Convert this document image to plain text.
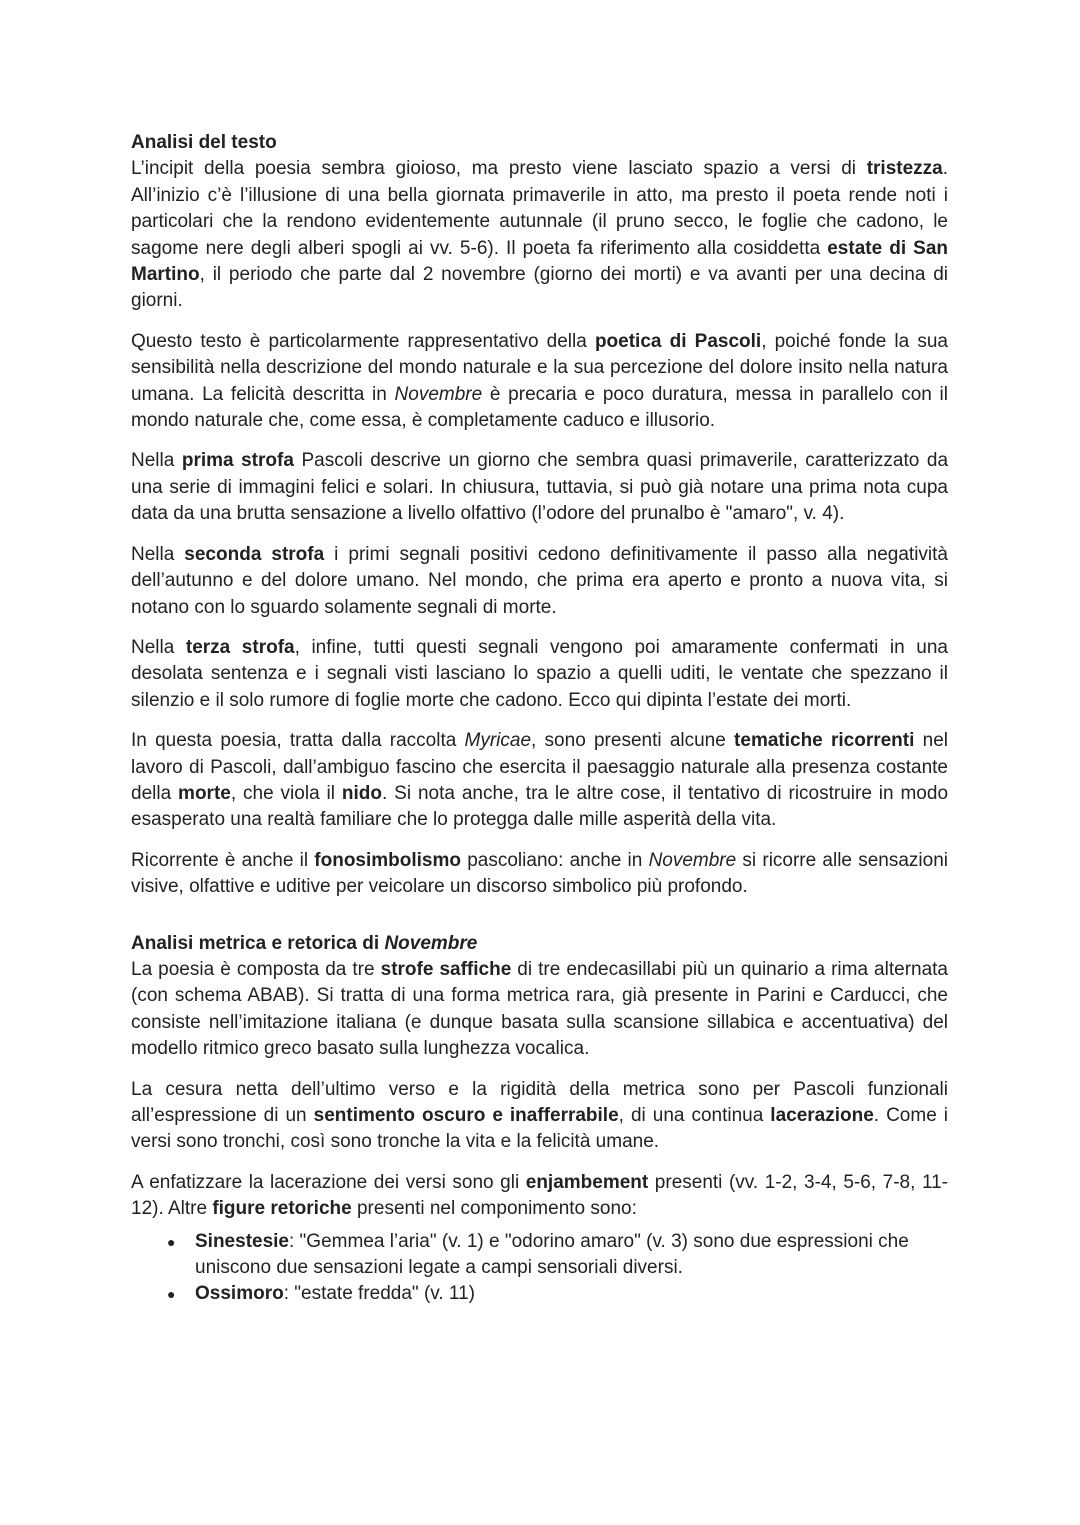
Analisi del testo

L’incipit della poesia sembra gioioso, ma presto viene lasciato spazio a versi di tristezza. All’inizio c’è l’illusione di una bella giornata primaverile in atto, ma presto il poeta rende noti i particolari che la rendono evidentemente autunnale (il pruno secco, le foglie che cadono, le sagome nere degli alberi spogli ai vv. 5-6). Il poeta fa riferimento alla cosiddetta estate di San Martino, il periodo che parte dal 2 novembre (giorno dei morti) e va avanti per una decina di giorni.

Questo testo è particolarmente rappresentativo della poetica di Pascoli, poiché fonde la sua sensibilità nella descrizione del mondo naturale e la sua percezione del dolore insito nella natura umana. La felicità descritta in Novembre è precaria e poco duratura, messa in parallelo con il mondo naturale che, come essa, è completamente caduco e illusorio.

Nella prima strofa Pascoli descrive un giorno che sembra quasi primaverile, caratterizzato da una serie di immagini felici e solari. In chiusura, tuttavia, si può già notare una prima nota cupa data da una brutta sensazione a livello olfattivo (l’odore del prunalbo è "amaro", v. 4).

Nella seconda strofa i primi segnali positivi cedono definitivamente il passo alla negatività dell’autunno e del dolore umano. Nel mondo, che prima era aperto e pronto a nuova vita, si notano con lo sguardo solamente segnali di morte.

Nella terza strofa, infine, tutti questi segnali vengono poi amaramente confermati in una desolata sentenza e i segnali visti lasciano lo spazio a quelli uditi, le ventate che spezzano il silenzio e il solo rumore di foglie morte che cadono. Ecco qui dipinta l’estate dei morti.

In questa poesia, tratta dalla raccolta Myricae, sono presenti alcune tematiche ricorrenti nel lavoro di Pascoli, dall’ambiguo fascino che esercita il paesaggio naturale alla presenza costante della morte, che viola il nido. Si nota anche, tra le altre cose, il tentativo di ricostruire in modo esasperato una realtà familiare che lo protegga dalle mille asperità della vita.

Ricorrente è anche il fonosimbolismo pascoliano: anche in Novembre si ricorre alle sensazioni visive, olfattive e uditive per veicolare un discorso simbolico più profondo.

Analisi metrica e retorica di Novembre

La poesia è composta da tre strofe saffiche di tre endecasillabi più un quinario a rima alternata (con schema ABAB). Si tratta di una forma metrica rara, già presente in Parini e Carducci, che consiste nell’imitazione italiana (e dunque basata sulla scansione sillabica e accentuativa) del modello ritmico greco basato sulla lunghezza vocalica.

La cesura netta dell’ultimo verso e la rigidità della metrica sono per Pascoli funzionali all’espressione di un sentimento oscuro e inafferrabile, di una continua lacerazione. Come i versi sono tronchi, così sono tronche la vita e la felicità umane.

A enfatizzare la lacerazione dei versi sono gli enjambement presenti (vv. 1-2, 3-4, 5-6, 7-8, 11-12). Altre figure retoriche presenti nel componimento sono:

● Sinestesie: "Gemmea l’aria" (v. 1) e "odorino amaro" (v. 3) sono due espressioni che uniscono due sensazioni legate a campi sensoriali diversi.
● Ossimoro: "estate fredda" (v. 11)
